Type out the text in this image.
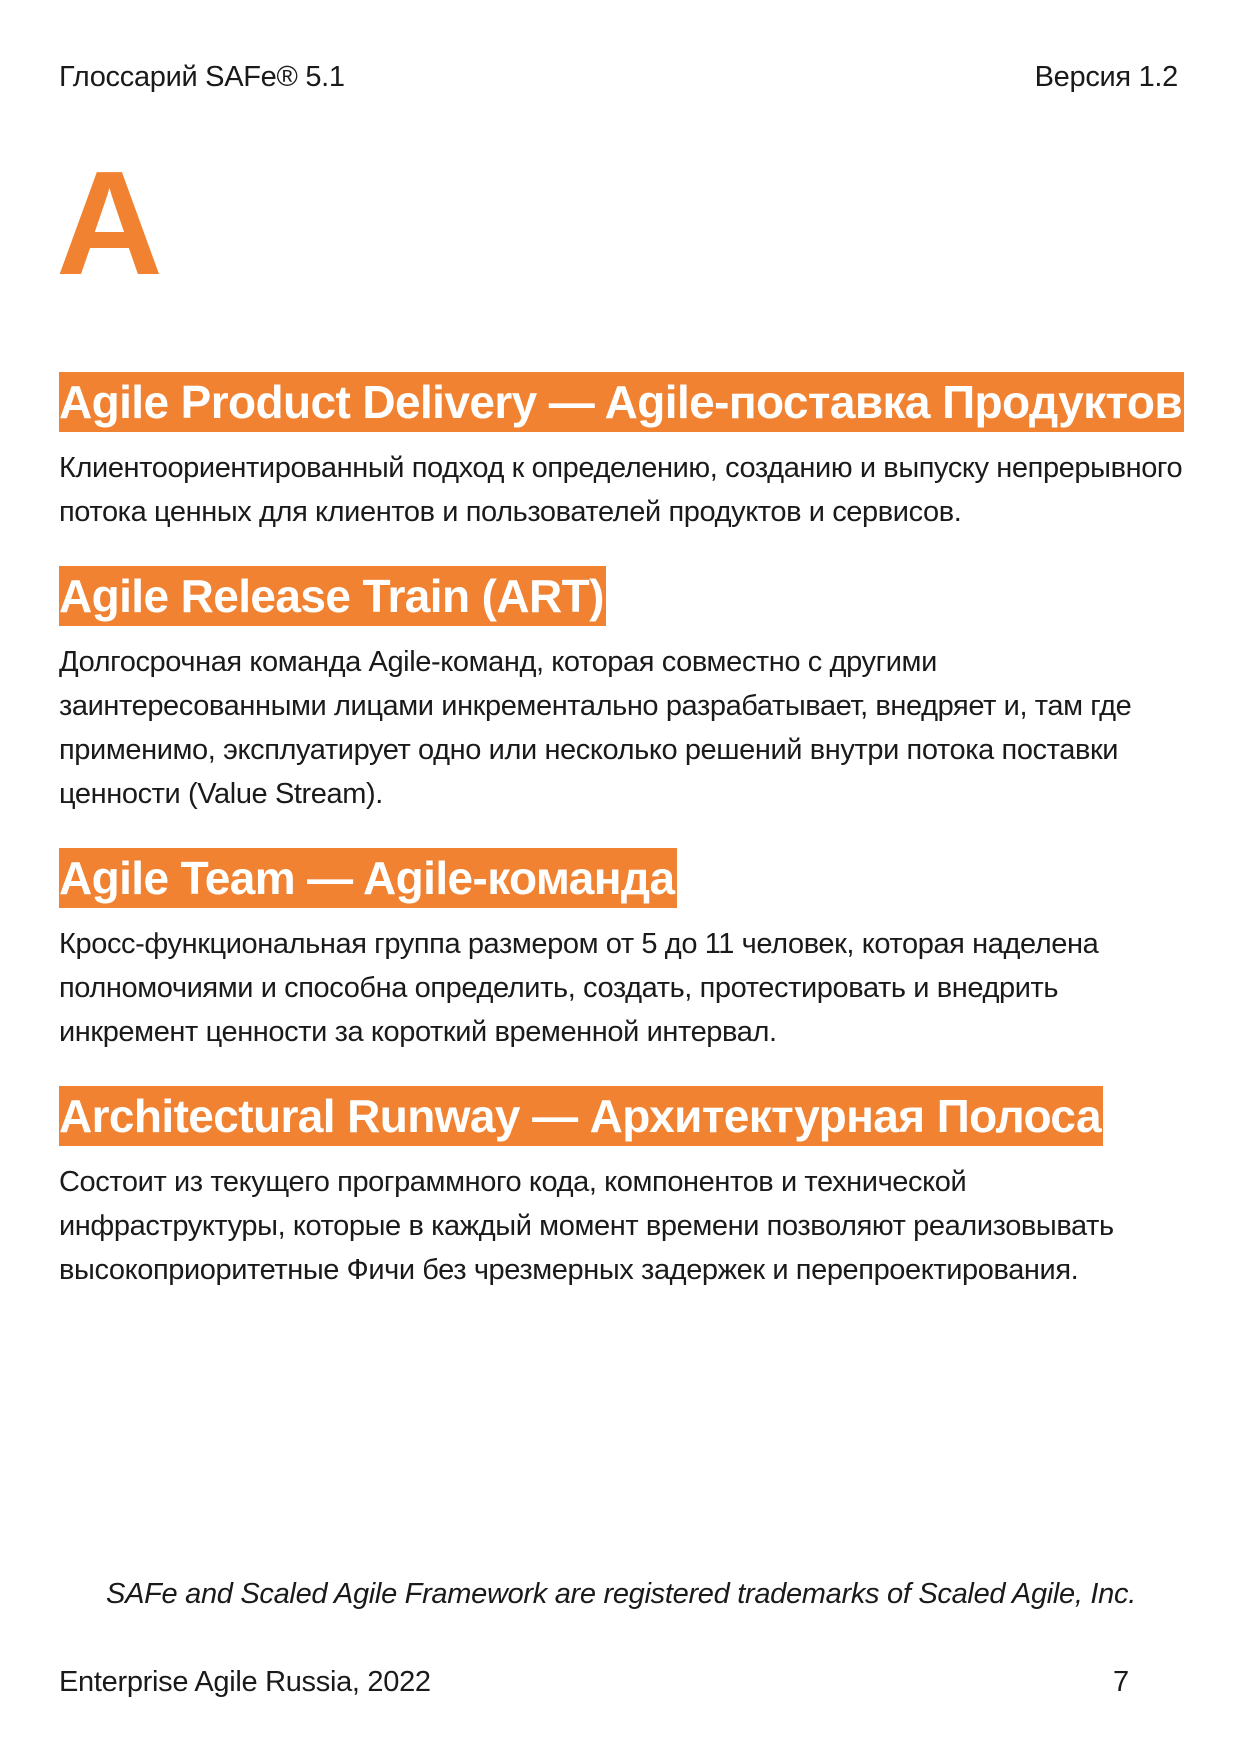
Глоссарий SAFe® 5.1	Версия 1.2
A
Agile Product Delivery — Agile-поставка Продуктов
Клиентоориентированный подход к определению, созданию и выпуску непрерывного потока ценных для клиентов и пользователей продуктов и сервисов.
Agile Release Train (ART)
Долгосрочная команда Agile-команд, которая совместно с другими заинтересованными лицами инкрементально разрабатывает, внедряет и, там где применимо, эксплуатирует одно или несколько решений внутри потока поставки ценности (Value Stream).
Agile Team — Agile-команда
Кросс-функциональная группа размером от 5 до 11 человек, которая наделена полномочиями и способна определить, создать, протестировать и внедрить инкремент ценности за короткий временной интервал.
Architectural Runway — Архитектурная Полоса
Состоит из текущего программного кода, компонентов и технической инфраструктуры, которые в каждый момент времени позволяют реализовывать высокоприоритетные Фичи без чрезмерных задержек и перепроектирования.
SAFe and Scaled Agile Framework are registered trademarks of Scaled Agile, Inc.
Enterprise Agile Russia, 2022	7
